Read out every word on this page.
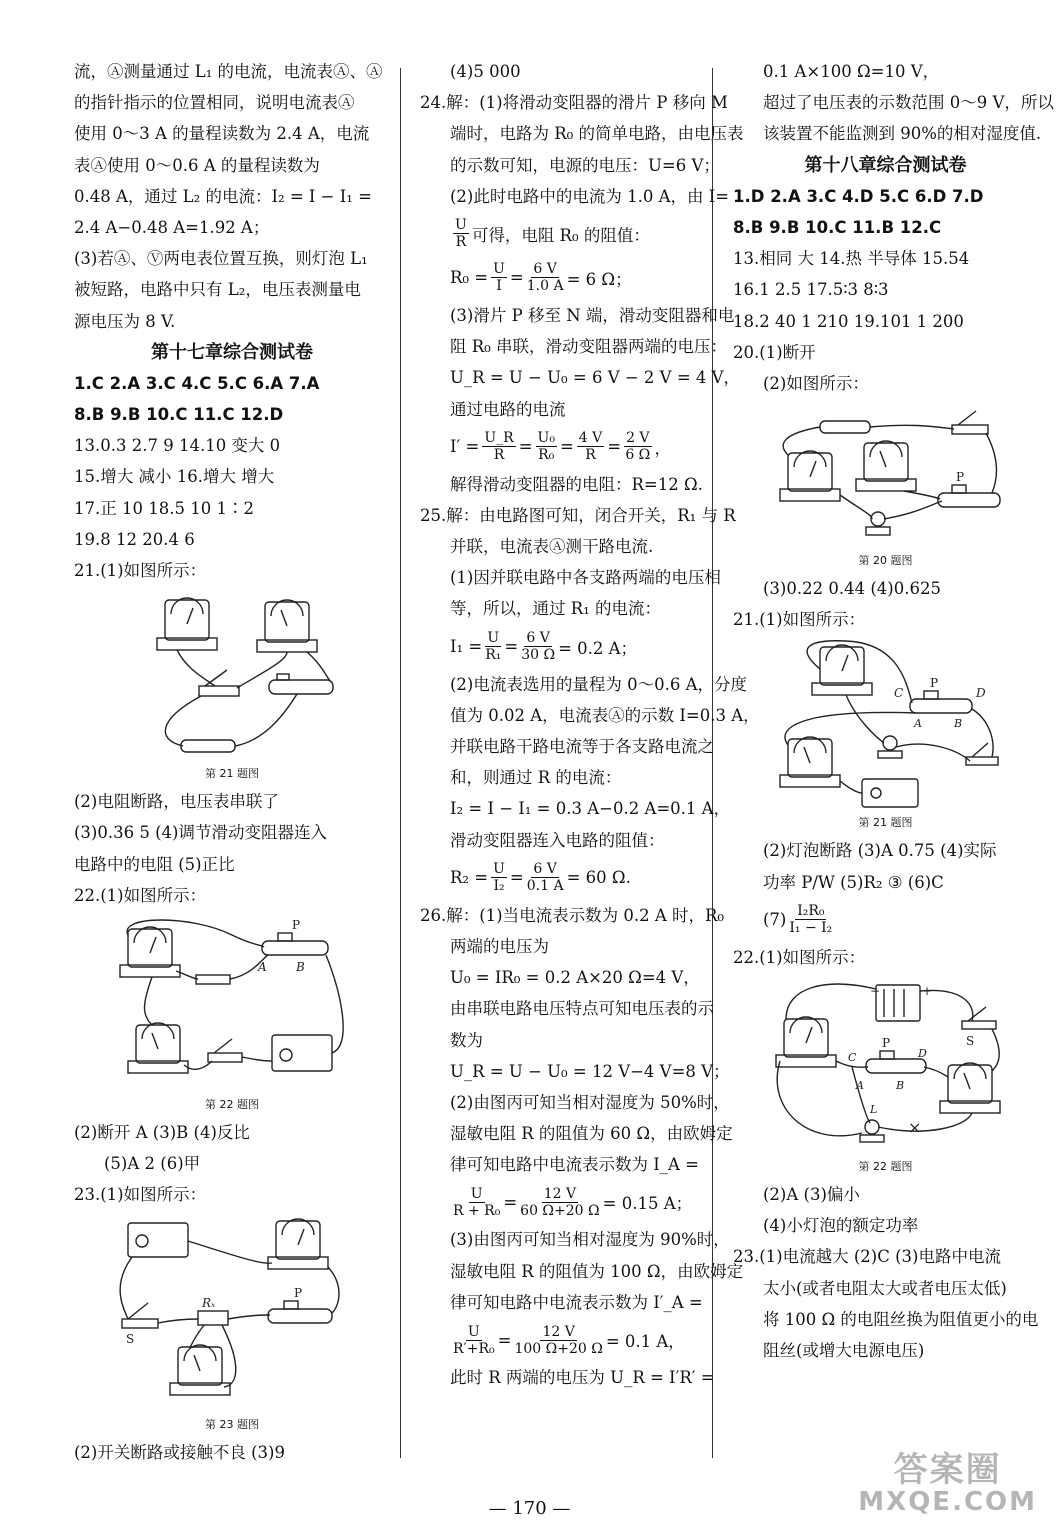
流，Ⓐ测量通过 L₁ 的电流，电流表Ⓐ、Ⓐ
的指针指示的位置相同，说明电流表Ⓐ
使用 0～3 A 的量程读数为 2.4 A，电流
表Ⓐ使用 0～0.6 A 的量程读数为
0.48 A，通过 L₂ 的电流：I₂ = I − I₁ =
2.4 A−0.48 A=1.92 A；
(3)若Ⓐ、Ⓥ两电表位置互换，则灯泡 L₁
被短路，电路中只有 L₂，电压表测量电
源电压为 8 V.
第十七章综合测试卷
1.C 2.A 3.C 4.C 5.C 6.A 7.A
8.B 9.B 10.C 11.C 12.D
13.0.3 2.7 9 14.10 变大 0
15.增大 减小 16.增大 增大
17.正 10 18.5 10 1∶2
19.8 12 20.4 6
21.(1)如图所示：
第 21 题图
(2)电阻断路，电压表串联了
(3)0.36 5 (4)调节滑动变阻器连入
电路中的电阻 (5)正比
22.(1)如图所示：
P
A B
第 22 题图
(2)断开 A (3)B (4)反比
(5)A 2 (6)甲
23.(1)如图所示：
P
Rₓ
S
第 23 题图
(2)开关断路或接触不良 (3)9
(4)5 000
24.解：(1)将滑动变阻器的滑片 P 移向 M
端时，电路为 R₀ 的简单电路，由电压表
的示数可知，电源的电压：U=6 V；
(2)此时电路中的电流为 1.0 A，由 I=
$\frac{U}{R}$ 可得，电阻 R₀ 的阻值：
$R_0 = \frac{U}{I} = \frac{6 V}{1.0 A} = 6$ Ω；
(3)滑片 P 移至 N 端，滑动变阻器和电
阻 R₀ 串联，滑动变阻器两端的电压：
U_R = U − U₀ = 6 V − 2 V = 4 V，
通过电路的电流
$I' = \frac{U\_R}{R} = \frac{\text{U₀}}{\text{R₀}} = \frac{4 V}{R} = \frac{2 V}{6 \Omega}$ ，
解得滑动变阻器的电阻：R=12 Ω.
25.解：由电路图可知，闭合开关，R₁ 与 R
并联，电流表Ⓐ测干路电流.
(1)因并联电路中各支路两端的电压相
等，所以，通过 R₁ 的电流：
$I_1 = \frac{U}{\text{R₁}} = \frac{6 V}{30 \Omega} = 0.2$ A；
(2)电流表选用的量程为 0～0.6 A，分度
值为 0.02 A，电流表Ⓐ的示数 I=0.3 A，
并联电路干路电流等于各支路电流之
和，则通过 R 的电流：
I₂ = I − I₁ = 0.3 A−0.2 A=0.1 A，
滑动变阻器连入电路的阻值：
$R_2 = \frac{U}{\text{I₂}} = \frac{6 V}{0.1 A} = 60$ Ω.
26.解：(1)当电流表示数为 0.2 A 时，R₀
两端的电压为
U₀ = IR₀ = 0.2 A×20 Ω=4 V，
由串联电路电压特点可知电压表的示
数为
U_R = U − U₀ = 12 V−4 V=8 V；
(2)由图丙可知当相对湿度为 50%时，
湿敏电阻 R 的阻值为 60 Ω，由欧姆定
律可知电路中电流表示数为 I_A =
$\frac{U}{\text{R + R₀}} = \frac{12 V}{60 \Omega+20 \Omega} = 0.15$ A；
(3)由图丙可知当相对湿度为 90%时，
湿敏电阻 R 的阻值为 100 Ω，由欧姆定
律可知电路中电流表示数为 I′_A =
$\frac{U}{\text{R′+R₀}} = \frac{12 V}{100 \Omega+20 \Omega} = 0.1$ A，
此时 R 两端的电压为 U_R = I′R′ =
0.1 A×100 Ω=10 V，
超过了电压表的示数范围 0～9 V，所以
该装置不能监测到 90%的相对湿度值.
第十八章综合测试卷
1.D 2.A 3.C 4.D 5.C 6.D 7.D
8.B 9.B 10.C 11.B 12.C
13.相同 大 14.热 半导体 15.54
16.1 2.5 17.5∶3 8∶3
18.2 40 1 210 19.101 1 200
20.(1)断开
(2)如图所示：
P
第 20 题图
(3)0.22 0.44 (4)0.625
21.(1)如图所示：
C
P
D
A	B
第 21 题图
(2)灯泡断路 (3)A 0.75 (4)实际
功率 P/W (5)R₂ ③ (6)C
$(7) \frac{\text{I₂R₀}}{\text{I₁ − I₂}}$
22.(1)如图所示：
−	+
S
C
P
D
A	B
L
×
第 22 题图
(2)A (3)偏小
(4)小灯泡的额定功率
23.(1)电流越大 (2)C (3)电路中电流
太小(或者电阻太大或者电压太低)
将 100 Ω 的电阻丝换为阻值更小的电
阻丝(或增大电源电压)
— 170 —
答案圈
MXQE.COM
